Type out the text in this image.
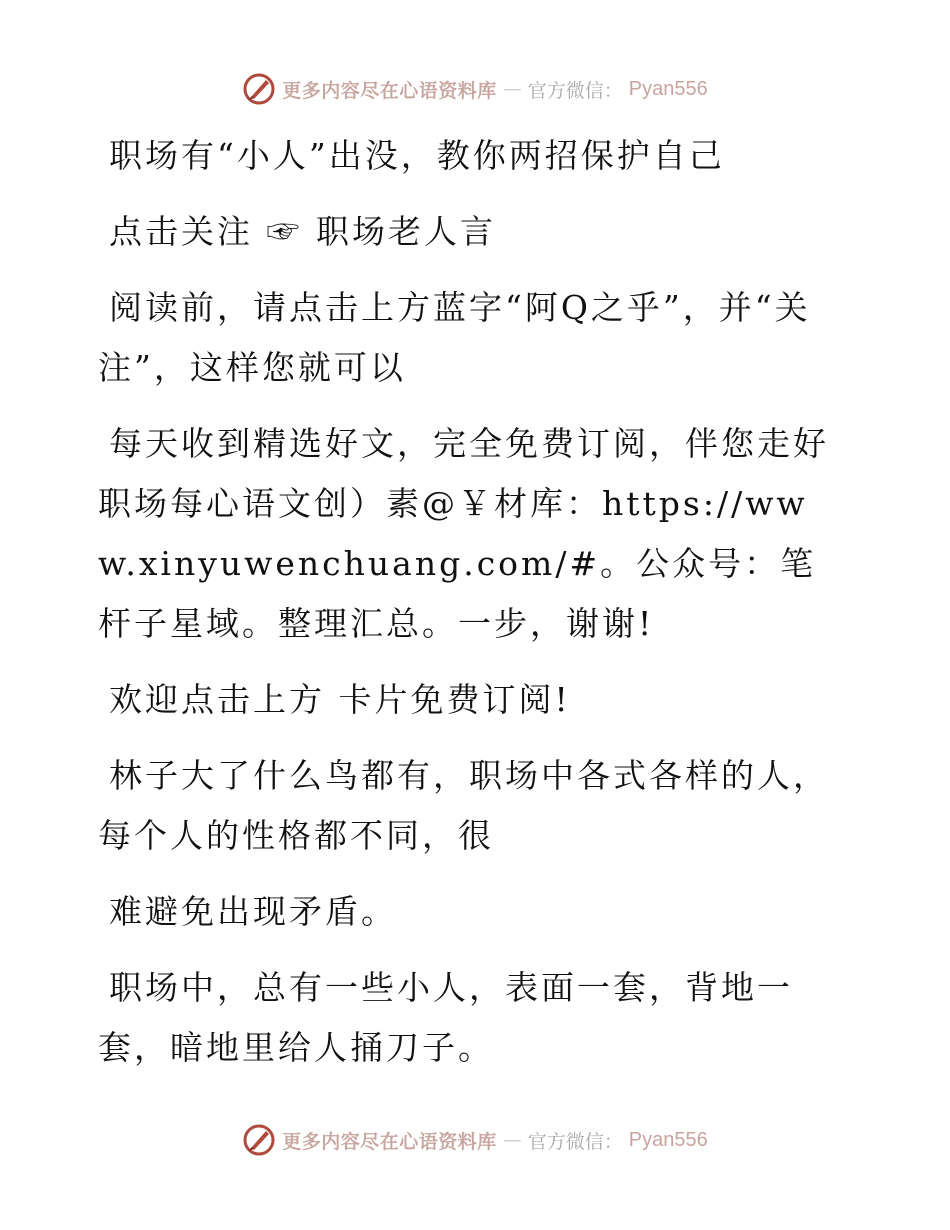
更多内容尽在心语资料库 — 官方微信： Pyan556

职场有“小人”出没，教你两招保护自己

点击关注 ☞ 职场老人言

阅读前，请点击上方蓝字“阿Q之乎”，并“关注”，这样您就可以

每天收到精选好文，完全免费订阅，伴您走好职场每心语文创）素@￥材库：https://www.xinyuwenchuang.com/#。公众号：笔杆子星域。整理汇总。一步，谢谢!

欢迎点击上方 卡片免费订阅!

林子大了什么鸟都有，职场中各式各样的人，每个人的性格都不同，很

难避免出现矛盾。

职场中，总有一些小人，表面一套，背地一套，暗地里给人捅刀子。

更多内容尽在心语资料库 — 官方微信： Pyan556
